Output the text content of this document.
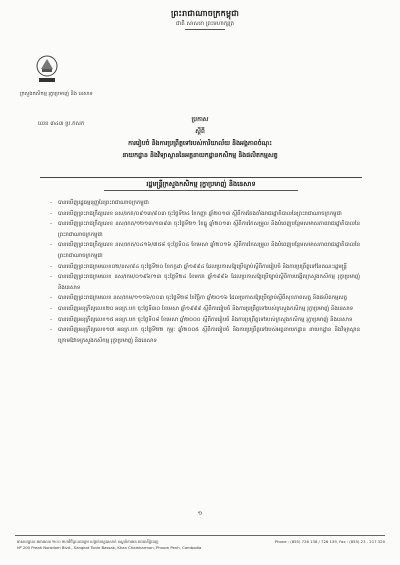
ព្រះរាជាណាចក្រកម្ពុជា
ជាតិ សាសនា ព្រះមហាក្សត្រ
ក្រសួងកសិកម្ម រុក្ខាប្រមាញ់ និង នេសាទ
លេខ ៣៤៣ ប្រ.កសក
ប្រកាស
ស្តីពី
ការរៀបចំ និងការប្រព្រឹត្តទៅរបស់ការិយាល័យ និងអង្គភាពចំណុះ
នាយកដ្ឋាន និងវិទ្យាស្ថាននៃអគ្គនាយកដ្ឋានកសិកម្ម និងផលិតកម្មសត្វ
រដ្ឋមន្ត្រីក្រសួងកសិកម្ម រុក្ខាប្រមាញ់ និងនេសាទ
- បានឃើញរដ្ឋធម្មនុញ្ញនៃព្រះរាជាណាចក្រកម្ពុជា
- បានឃើញព្រះរាជក្រឹត្យលេខ នស/រកត/០៩១៣/៩០៣ ចុះថ្ងៃទី២៤ ខែកញ្ញា ឆ្នាំ២០១៣ ស្តីពីការតែងតាំងរាជរដ្ឋាភិបាលនៃព្រះរាជាណាចក្រកម្ពុជា
- បានឃើញព្រះរាជក្រឹត្យលេខ នស/រកត/១២១៣/១៣៩៣ ចុះថ្ងៃទី២១ ខែធ្នូ ឆ្នាំ២០១៣ ស្តីពីការកែសម្រួល និងបំពេញបន្ថែមសមាសភាពរាជរដ្ឋាភិបាលនៃព្រះរាជាណាចក្រកម្ពុជា
- បានឃើញព្រះរាជក្រឹត្យលេខ នស/រកត/០៤១៦/៧៥៨ ចុះថ្ងៃទី០៤ ខែមេសា ឆ្នាំ២០១៦ ស្តីពីការកែសម្រួល និងបំពេញបន្ថែមសមាសភាពរាជរដ្ឋាភិបាលនៃព្រះរាជាណាចក្រកម្ពុជា
- បានឃើញព្រះរាជក្រមលេខ០២/នស/៩៤ ចុះថ្ងៃទី២០ ខែកក្កដា ឆ្នាំ១៩៩៤ ដែលប្រកាសឱ្យប្រើច្បាប់ស្តីពីការរៀបចំ និងការប្រព្រឹត្តទៅនៃគណៈរដ្ឋមន្ត្រី
- បានឃើញព្រះរាជក្រមលេខ នស/រកម/០១៩៦/១៣ ចុះថ្ងៃទី២៤ ខែមករា ឆ្នាំ១៩៩៦ ដែលប្រកាសឱ្យប្រើច្បាប់ស្តីពីការបង្កើតក្រសួងកសិកម្ម រុក្ខាប្រមាញ់ និងនេសាទ
- បានឃើញព្រះរាជក្រមលេខ នស/រកម/១១១៦/០០៣ ចុះថ្ងៃទី២៨ ខែវិច្ឆិកា ឆ្នាំ២០១៦ ដែលប្រកាសឱ្យប្រើច្បាប់ស្តីពីសុខភាពសត្វ និងផលិតកម្មសត្វ
- បានឃើញអនុក្រឹត្យលេខ២០ អនក្រ.បក ចុះថ្ងៃទី៣០ ខែមេសា ឆ្នាំ១៩៩៩ ស្តីពីការរៀបចំ និងការប្រព្រឹត្តទៅរបស់ក្រសួងកសិកម្ម រុក្ខាប្រមាញ់ និងនេសាទ
- បានឃើញអនុក្រឹត្យលេខ១៥ អនក្រ.បក ចុះថ្ងៃទី០៨ ខែមេសា ឆ្នាំ២០០០ ស្តីពីការរៀបចំ និងការប្រព្រឹត្តទៅរបស់ក្រសួងកសិកម្ម រុក្ខាប្រមាញ់ និងនេសាទ
- បានឃើញអនុក្រឹត្យលេខ១៧ អនក្រ.បក ចុះថ្ងៃទី២២ កុម្ភៈ ឆ្នាំ២០០៥ ស្តីពីការរៀបចំ និងការប្រព្រឹត្តទៅរបស់អគ្គនាយកដ្ឋាន នាយកដ្ឋាន និងវិទ្យាស្ថានក្រោមឱវាទក្រសួងកសិកម្ម រុក្ខាប្រមាញ់ និងនេសាទ
១
អាសយដ្ឋាន៖ អគារលេខ ២០០ មហាវិថីព្រះនរោត្តម សង្កាត់ទន្លេបាសាក់ ខណ្ឌចំការមន រាជធានីភ្នំពេញ
Nº 200 Preah Norodom Blvd., Sangkat Tonle Bassak, Khan Chamkarmon, Phnom Penh, Cambodia
Phone : (855) 726 138 / 726 139, Fax : (855) 23 - 217 320
